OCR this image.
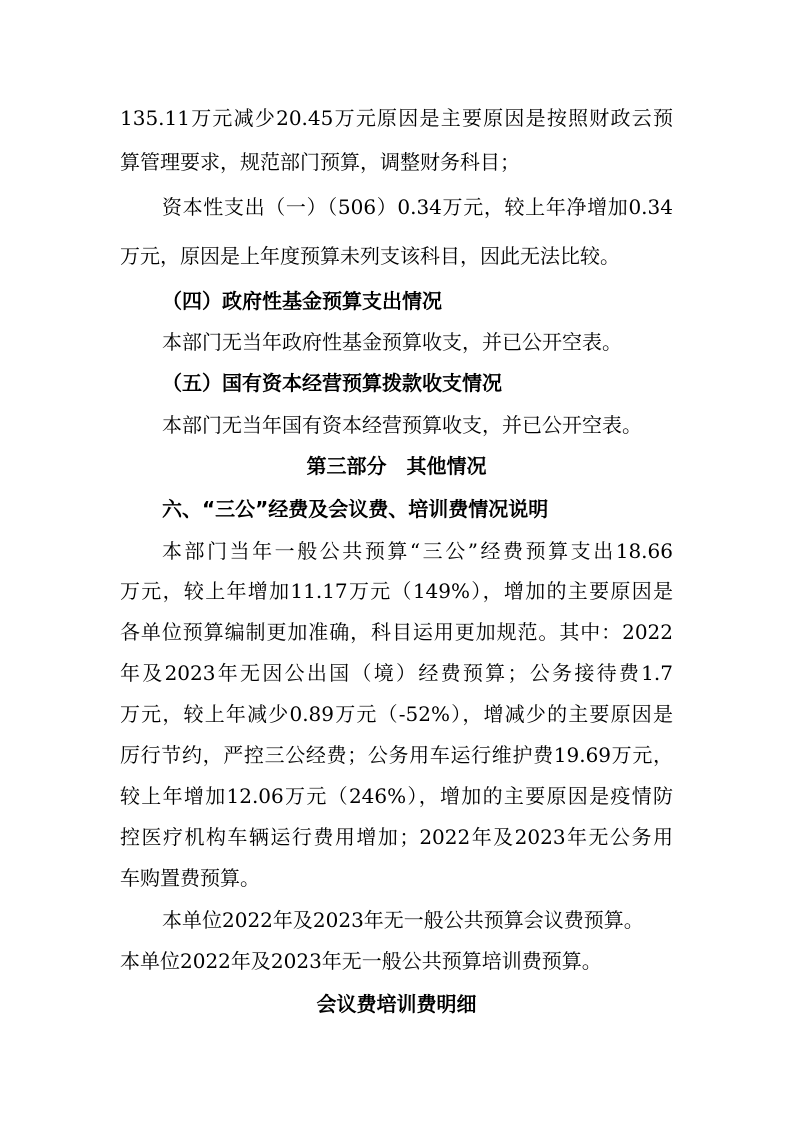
135.11万元减少20.45万元原因是主要原因是按照财政云预
算管理要求，规范部门预算，调整财务科目；
资本性支出（一）（506）0.34万元，较上年净增加0.34
万元，原因是上年度预算未列支该科目，因此无法比较。
（四）政府性基金预算支出情况
本部门无当年政府性基金预算收支，并已公开空表。
（五）国有资本经营预算拨款收支情况
本部门无当年国有资本经营预算收支，并已公开空表。
第三部分　其他情况
六、“三公”经费及会议费、培训费情况说明
本部门当年一般公共预算“三公”经费预算支出18.66
万元，较上年增加11.17万元（149%），增加的主要原因是
各单位预算编制更加准确，科目运用更加规范。其中：2022
年及2023年无因公出国（境）经费预算；公务接待费1.7
万元，较上年减少0.89万元（-52%），增减少的主要原因是
厉行节约，严控三公经费；公务用车运行维护费19.69万元，
较上年增加12.06万元（246%），增加的主要原因是疫情防
控医疗机构车辆运行费用增加；2022年及2023年无公务用
车购置费预算。
本单位2022年及2023年无一般公共预算会议费预算。
本单位2022年及2023年无一般公共预算培训费预算。
会议费培训费明细
